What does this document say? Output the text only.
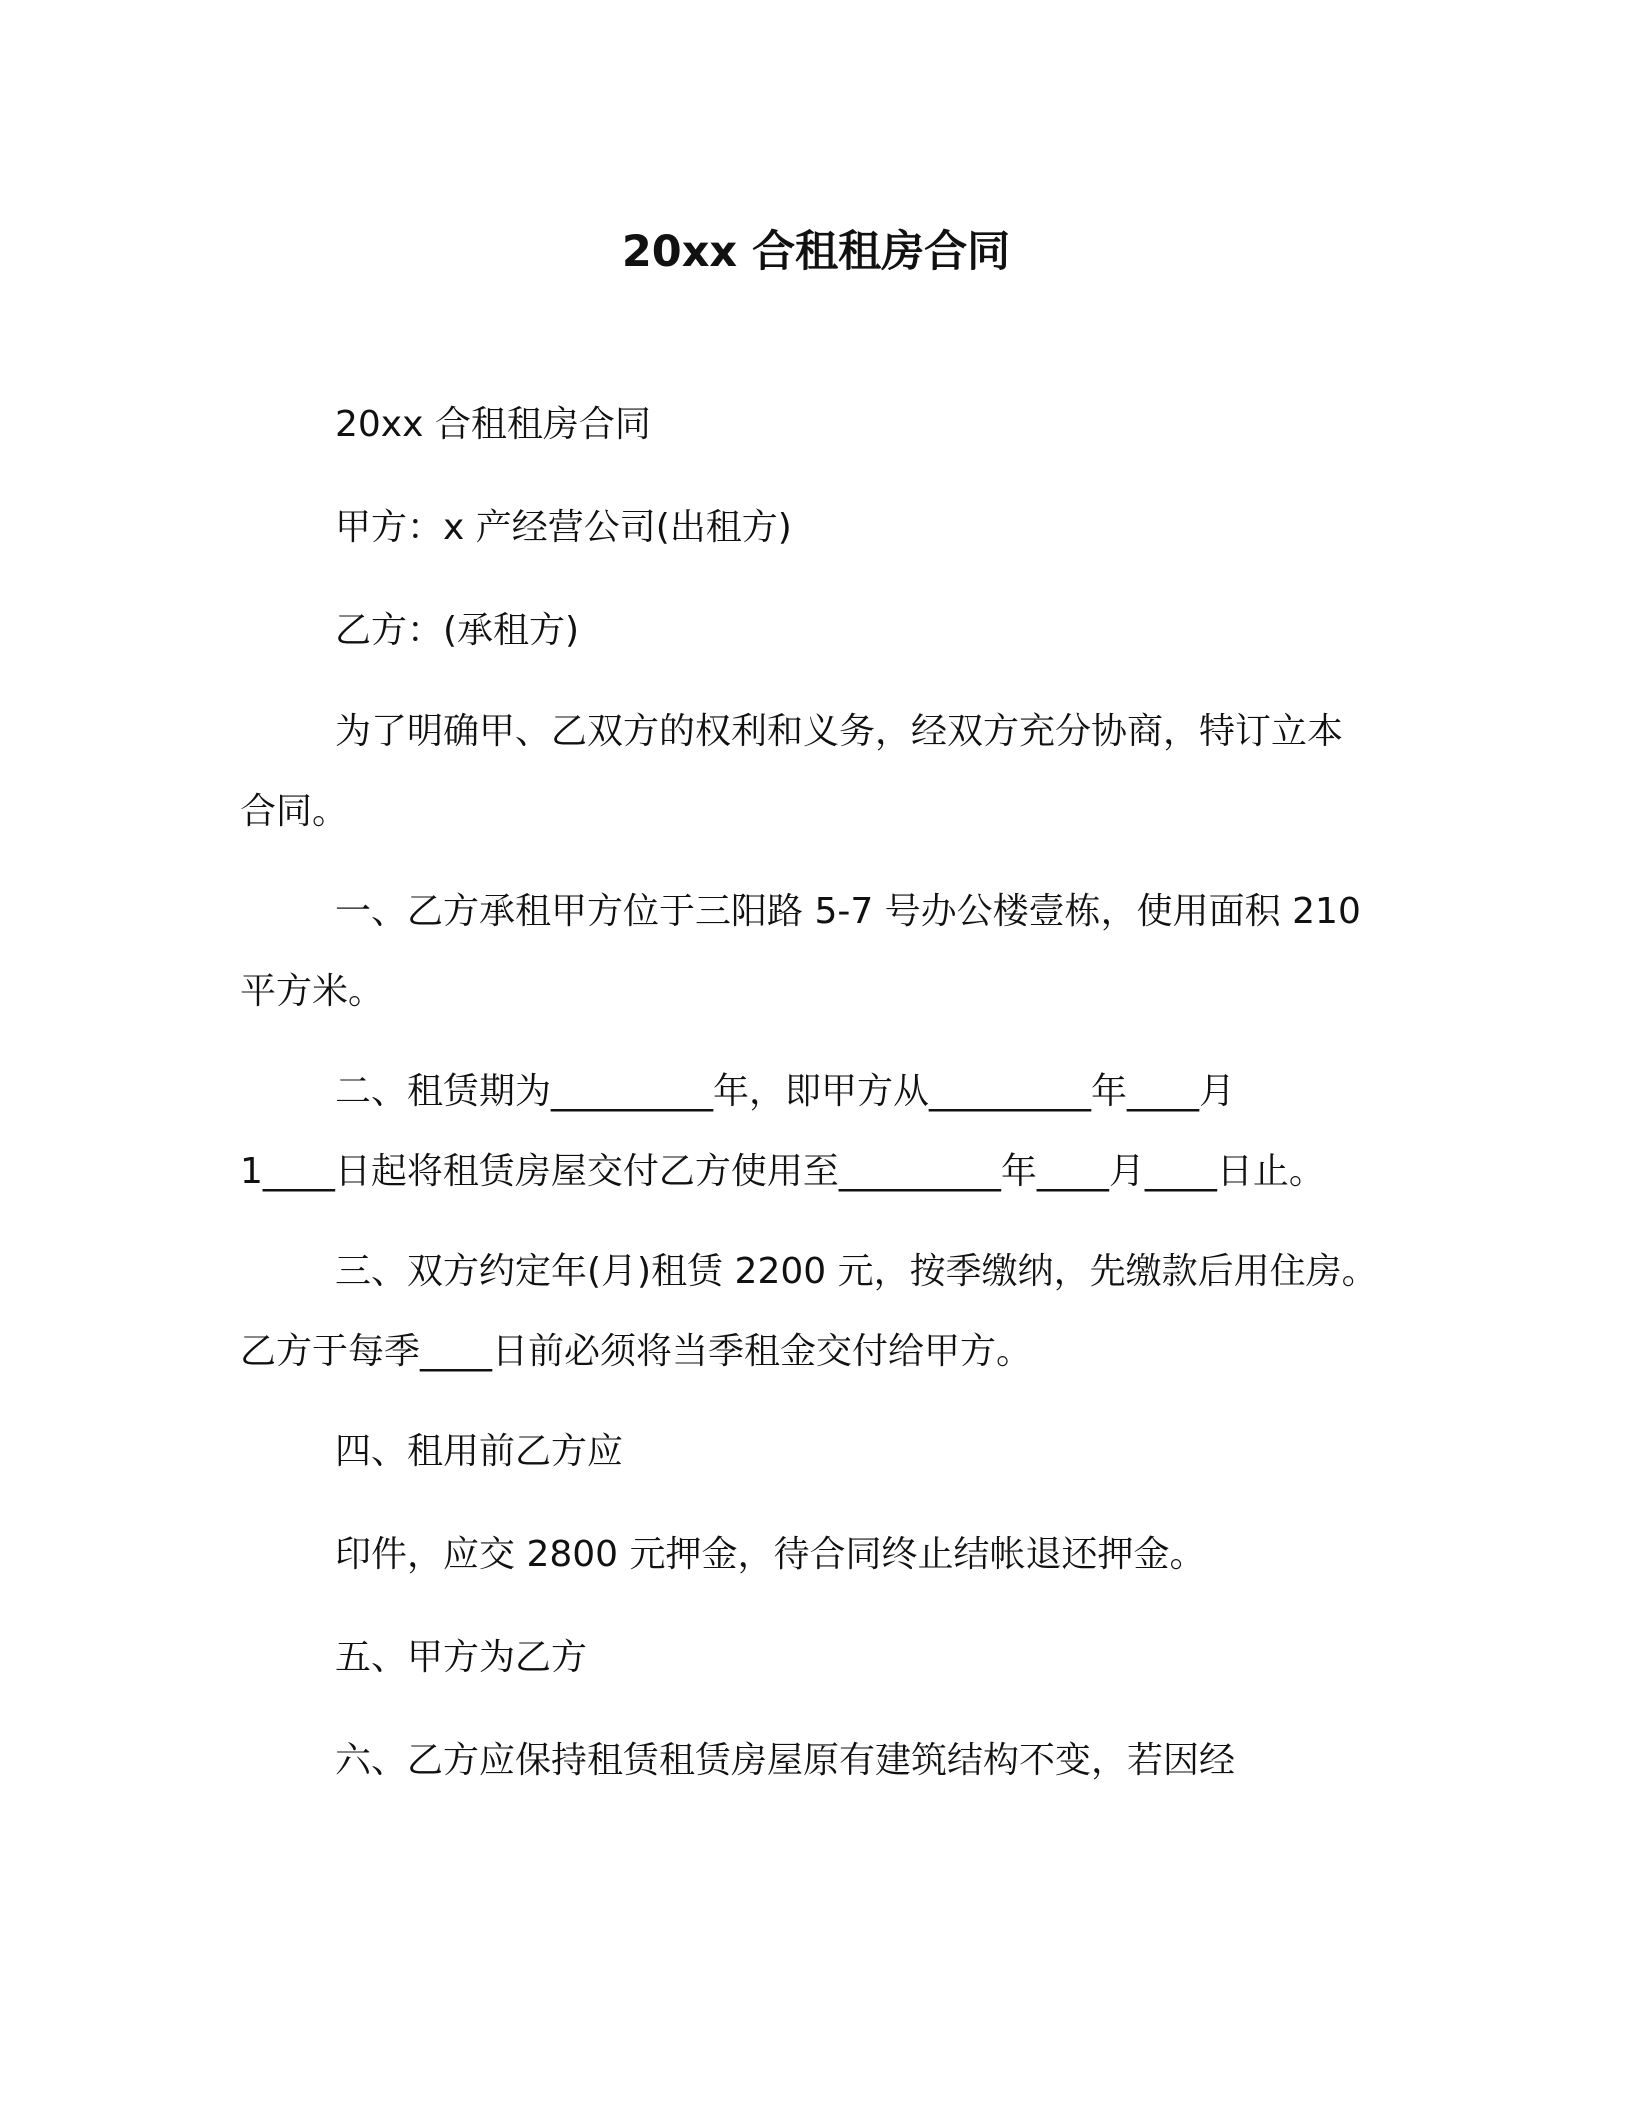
20xx 合租租房合同
20xx 合租租房合同
甲方：x 产经营公司(出租方)
乙方：(承租方)
为了明确甲、乙双方的权利和义务，经双方充分协商，特订立本
合同。
一、乙方承租甲方位于三阳路 5-7 号办公楼壹栋，使用面积 210
平方米。
二、租赁期为_________年，即甲方从_________年____月
1____日起将租赁房屋交付乙方使用至_________年____月____日止。
三、双方约定年(月)租赁 2200 元，按季缴纳，先缴款后用住房。
乙方于每季____日前必须将当季租金交付给甲方。
四、租用前乙方应
印件，应交 2800 元押金，待合同终止结帐退还押金。
五、甲方为乙方
六、乙方应保持租赁租赁房屋原有建筑结构不变，若因经
